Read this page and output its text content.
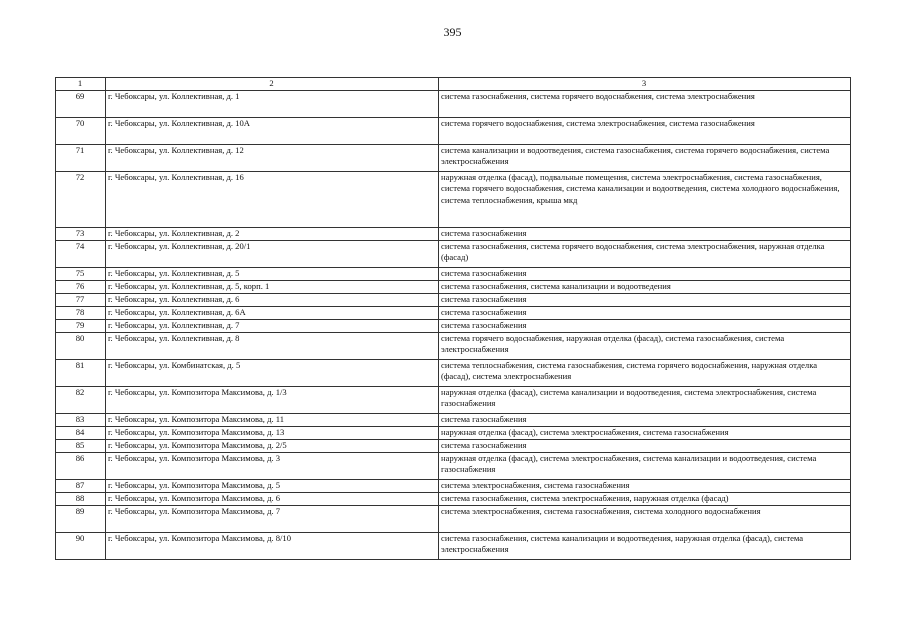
395
1	2	3
69	г. Чебоксары, ул. Коллективная, д. 1	система газоснабжения, система горячего водоснабжения, система электроснабжения
70	г. Чебоксары, ул. Коллективная, д. 10А	система горячего водоснабжения, система электроснабжения, система газоснабжения
71	г. Чебоксары, ул. Коллективная, д. 12	система канализации и водоотведения, система газоснабжения, система горячего водоснабжения, система электроснабжения
72	г. Чебоксары, ул. Коллективная, д. 16	наружная отделка (фасад), подвальные помещения, система электроснабжения, система газоснабжения, система горячего водоснабжения, система канализации и водоотведения, система холодного водоснабжения, система теплоснабжения, крыша мкд
73	г. Чебоксары, ул. Коллективная, д. 2	система газоснабжения
74	г. Чебоксары, ул. Коллективная, д. 20/1	система газоснабжения, система горячего водоснабжения, система электроснабжения, наружная отделка (фасад)
75	г. Чебоксары, ул. Коллективная, д. 5	система газоснабжения
76	г. Чебоксары, ул. Коллективная, д. 5, корп. 1	система газоснабжения, система канализации и водоотведения
77	г. Чебоксары, ул. Коллективная, д. 6	система газоснабжения
78	г. Чебоксары, ул. Коллективная, д. 6А	система газоснабжения
79	г. Чебоксары, ул. Коллективная, д. 7	система газоснабжения
80	г. Чебоксары, ул. Коллективная, д. 8	система горячего водоснабжения, наружная отделка (фасад), система газоснабжения, система электроснабжения
81	г. Чебоксары, ул. Комбинатская, д. 5	система теплоснабжения, система газоснабжения, система горячего водоснабжения, наружная отделка (фасад), система электроснабжения
82	г. Чебоксары, ул. Композитора Максимова, д. 1/3	наружная отделка (фасад), система канализации и водоотведения, система электроснабжения, система газоснабжения
83	г. Чебоксары, ул. Композитора Максимова, д. 11	система газоснабжения
84	г. Чебоксары, ул. Композитора Максимова, д. 13	наружная отделка (фасад), система электроснабжения, система газоснабжения
85	г. Чебоксары, ул. Композитора Максимова, д. 2/5	система газоснабжения
86	г. Чебоксары, ул. Композитора Максимова, д. 3	наружная отделка (фасад), система электроснабжения, система канализации и водоотведения, система газоснабжения
87	г. Чебоксары, ул. Композитора Максимова, д. 5	система электроснабжения, система газоснабжения
88	г. Чебоксары, ул. Композитора Максимова, д. 6	система газоснабжения, система электроснабжения, наружная отделка (фасад)
89	г. Чебоксары, ул. Композитора Максимова, д. 7	система электроснабжения, система газоснабжения, система холодного водоснабжения
90	г. Чебоксары, ул. Композитора Максимова, д. 8/10	система газоснабжения, система канализации и водоотведения, наружная отделка (фасад), система электроснабжения
